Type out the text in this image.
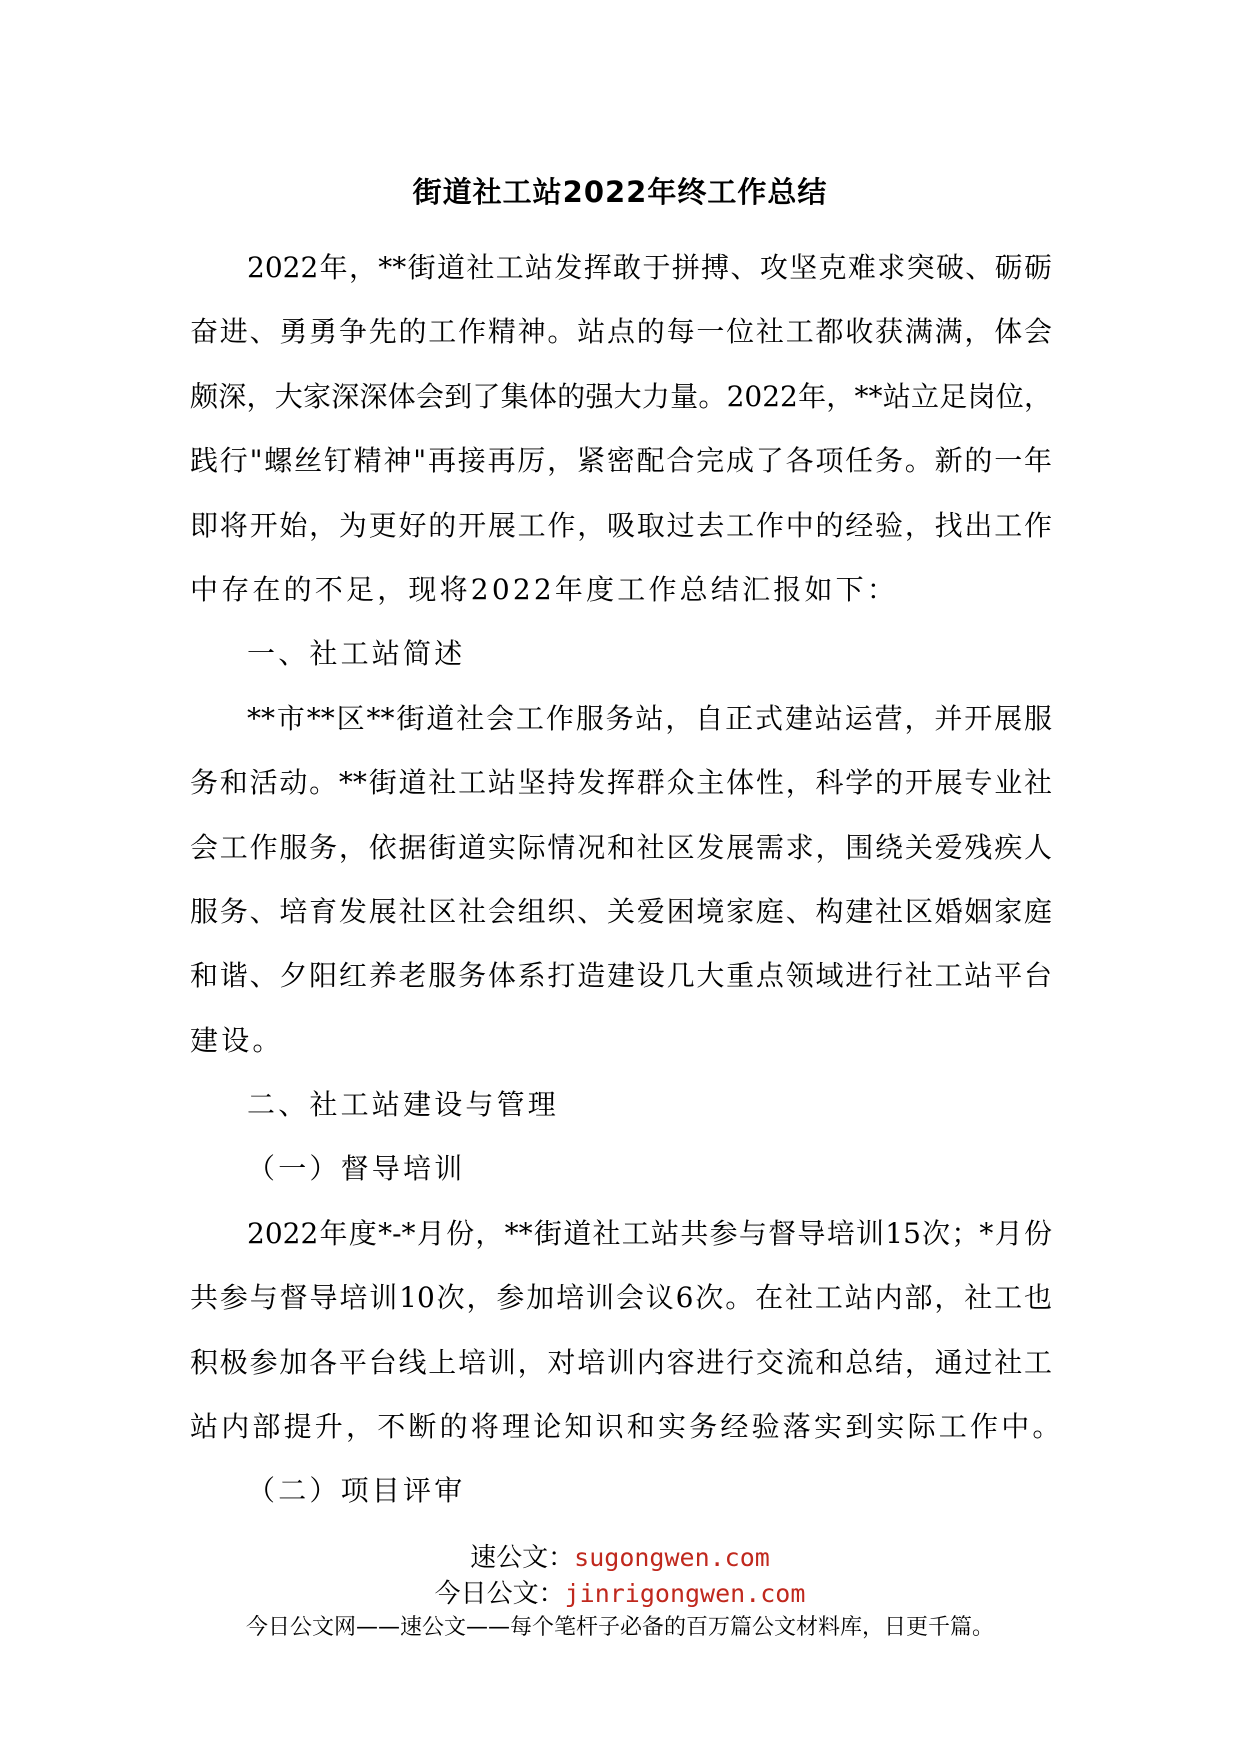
街道社工站2022年终工作总结
2022年，**街道社工站发挥敢于拼搏、攻坚克难求突破、砺砺
奋进、勇勇争先的工作精神。站点的每一位社工都收获满满，体会
颇深，大家深深体会到了集体的强大力量。2022年，**站立足岗位，
践行"螺丝钉精神"再接再厉，紧密配合完成了各项任务。新的一年
即将开始，为更好的开展工作，吸取过去工作中的经验，找出工作
中存在的不足，现将2022年度工作总结汇报如下：
一、社工站简述
**市**区**街道社会工作服务站，自正式建站运营，并开展服
务和活动。**街道社工站坚持发挥群众主体性，科学的开展专业社
会工作服务，依据街道实际情况和社区发展需求，围绕关爱残疾人
服务、培育发展社区社会组织、关爱困境家庭、构建社区婚姻家庭
和谐、夕阳红养老服务体系打造建设几大重点领域进行社工站平台
建设。
二、社工站建设与管理
（一）督导培训
2022年度*-*月份，**街道社工站共参与督导培训15次；*月份
共参与督导培训10次，参加培训会议6次。在社工站内部，社工也
积极参加各平台线上培训，对培训内容进行交流和总结，通过社工
站内部提升，不断的将理论知识和实务经验落实到实际工作中。
（二）项目评审
速公文：sugongwen.com
今日公文：jinrigongwen.com
今日公文网——速公文——每个笔杆子必备的百万篇公文材料库，日更千篇。
